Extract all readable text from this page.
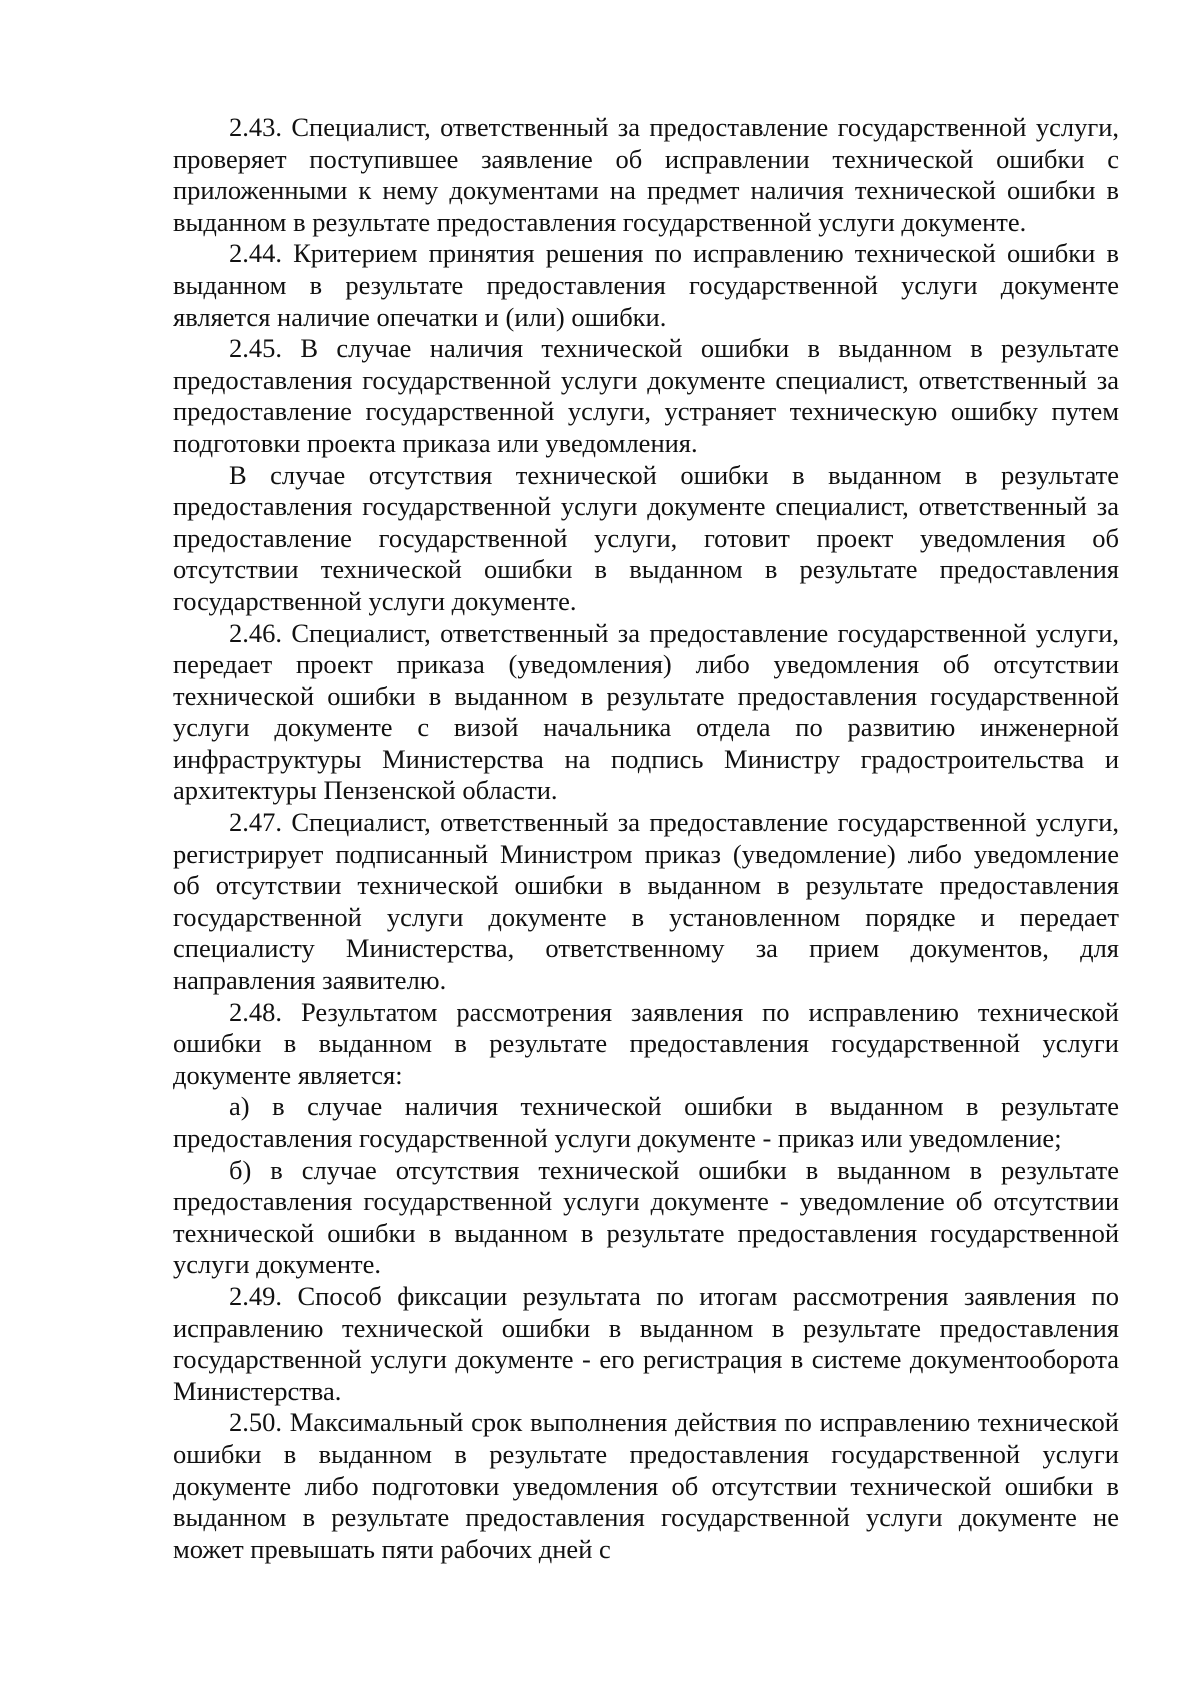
2.43. Специалист, ответственный за предоставление государственной услуги, проверяет поступившее заявление об исправлении технической ошибки с приложенными к нему документами на предмет наличия технической ошибки в выданном в результате предоставления государственной услуги документе.

2.44. Критерием принятия решения по исправлению технической ошибки в выданном в результате предоставления государственной услуги документе является наличие опечатки и (или) ошибки.

2.45. В случае наличия технической ошибки в выданном в результате предоставления государственной услуги документе специалист, ответственный за предоставление государственной услуги, устраняет техническую ошибку путем подготовки проекта приказа или уведомления.

В случае отсутствия технической ошибки в выданном в результате предоставления государственной услуги документе специалист, ответственный за предоставление государственной услуги, готовит проект уведомления об отсутствии технической ошибки в выданном в результате предоставления государственной услуги документе.

2.46. Специалист, ответственный за предоставление государственной услуги, передает проект приказа (уведомления) либо уведомления об отсутствии технической ошибки в выданном в результате предоставления государственной услуги документе с визой начальника отдела по развитию инженерной инфраструктуры Министерства на подпись Министру градостроительства и архитектуры Пензенской области.

2.47. Специалист, ответственный за предоставление государственной услуги, регистрирует подписанный Министром приказ (уведомление) либо уведомление об отсутствии технической ошибки в выданном в результате предоставления государственной услуги документе в установленном порядке и передает специалисту Министерства, ответственному за прием документов, для направления заявителю.

2.48. Результатом рассмотрения заявления по исправлению технической ошибки в выданном в результате предоставления государственной услуги документе является:

а) в случае наличия технической ошибки в выданном в результате предоставления государственной услуги документе - приказ или уведомление;

б) в случае отсутствия технической ошибки в выданном в результате предоставления государственной услуги документе - уведомление об отсутствии технической ошибки в выданном в результате предоставления государственной услуги документе.

2.49. Способ фиксации результата по итогам рассмотрения заявления по исправлению технической ошибки в выданном в результате предоставления государственной услуги документе - его регистрация в системе документооборота Министерства.

2.50. Максимальный срок выполнения действия по исправлению технической ошибки в выданном в результате предоставления государственной услуги документе либо подготовки уведомления об отсутствии технической ошибки в выданном в результате предоставления государственной услуги документе не может превышать пяти рабочих дней с
